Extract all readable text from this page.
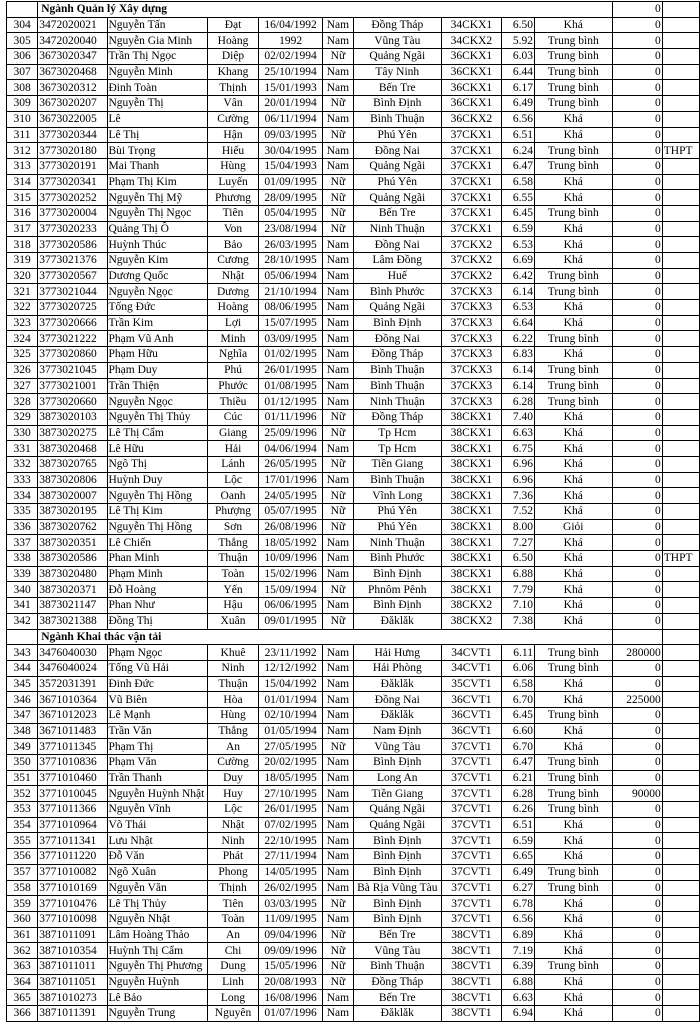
	Ngành Quản lý Xây dựng									0	
304	3472020021	Nguyễn Tấn	Đạt	16/04/1992	Nam	Đồng Tháp	34CKX1	6.50	Khá	0	
305	3472020040	Nguyễn Gia Minh	Hoàng	1992	Nam	Vũng Tàu	34CKX2	5.92	Trung bình	0	
306	3673020347	Trần Thị Ngọc	Diệp	02/02/1994	Nữ	Quảng Ngãi	36CKX1	6.03	Trung bình	0	
307	3673020468	Nguyễn Minh	Khang	25/10/1994	Nam	Tây Ninh	36CKX1	6.44	Trung bình	0	
308	3673020312	Đinh Toàn	Thịnh	15/01/1993	Nam	Bến Tre	36CKX1	6.17	Trung bình	0	
309	3673020207	Nguyễn Thị	Vân	20/01/1994	Nữ	Bình Định	36CKX1	6.49	Trung bình	0	
310	3673022005	Lê	Cường	06/11/1994	Nam	Bình Thuận	36CKX2	6.56	Khá	0	
311	3773020344	Lê Thị	Hận	09/03/1995	Nữ	Phú Yên	37CKX1	6.51	Khá	0	
312	3773020180	Bùi Trọng	Hiếu	30/04/1995	Nam	Đồng Nai	37CKX1	6.24	Trung bình	0	THPT
313	3773020191	Mai Thanh	Hùng	15/04/1993	Nam	Quảng Ngãi	37CKX1	6.47	Trung bình	0	
314	3773020341	Phạm Thị Kim	Luyến	01/09/1995	Nữ	Phú Yên	37CKX1	6.58	Khá	0	
315	3773020252	Nguyễn Thị Mỹ	Phương	28/09/1995	Nữ	Quảng Ngãi	37CKX1	6.55	Khá	0	
316	3773020004	Nguyễn Thị Ngọc	Tiên	05/04/1995	Nữ	Bến Tre	37CKX1	6.45	Trung bình	0	
317	3773020233	Quảng Thị Ồ	Von	23/08/1994	Nữ	Ninh Thuận	37CKX1	6.59	Khá	0	
318	3773020586	Huỳnh Thúc	Bảo	26/03/1995	Nam	Đồng Nai	37CKX2	6.53	Khá	0	
319	3773021376	Nguyễn Kim	Cương	28/10/1995	Nam	Lâm Đồng	37CKX2	6.69	Khá	0	
320	3773020567	Dương Quốc	Nhật	05/06/1994	Nam	Huế	37CKX2	6.42	Trung bình	0	
321	3773021044	Nguyễn Ngọc	Dương	21/10/1994	Nam	Bình Phước	37CKX3	6.14	Trung bình	0	
322	3773020725	Tống Đức	Hoàng	08/06/1995	Nam	Quảng Ngãi	37CKX3	6.53	Khá	0	
323	3773020666	Trần Kim	Lợi	15/07/1995	Nam	Bình Định	37CKX3	6.64	Khá	0	
324	3773021222	Phạm Vũ Anh	Minh	03/09/1995	Nam	Đồng Nai	37CKX3	6.22	Trung bình	0	
325	3773020860	Phạm Hữu	Nghĩa	01/02/1995	Nam	Đồng Tháp	37CKX3	6.83	Khá	0	
326	3773021045	Phạm Duy	Phú	26/01/1995	Nam	Bình Thuận	37CKX3	6.14	Trung bình	0	
327	3773021001	Trần Thiện	Phước	01/08/1995	Nam	Bình Thuận	37CKX3	6.14	Trung bình	0	
328	3773020660	Nguyễn Ngọc	Thiều	01/12/1995	Nam	Ninh Thuận	37CKX3	6.28	Trung bình	0	
329	3873020103	Nguyễn Thị Thủy	Cúc	01/11/1996	Nữ	Đồng Tháp	38CKX1	7.40	Khá	0	
330	3873020275	Lê Thị Cẩm	Giang	25/09/1996	Nữ	Tp Hcm	38CKX1	6.63	Khá	0	
331	3873020468	Lê Hữu	Hải	04/06/1994	Nam	Tp Hcm	38CKX1	6.75	Khá	0	
332	3873020765	Ngô Thị	Lánh	26/05/1995	Nữ	Tiền Giang	38CKX1	6.96	Khá	0	
333	3873020806	Huỳnh Duy	Lộc	17/01/1996	Nam	Bình Thuận	38CKX1	6.96	Khá	0	
334	3873020007	Nguyễn Thị Hồng	Oanh	24/05/1995	Nữ	Vĩnh Long	38CKX1	7.36	Khá	0	
335	3873020195	Lê Thị Kim	Phượng	05/07/1995	Nữ	Phú Yên	38CKX1	7.52	Khá	0	
336	3873020762	Nguyễn Thị Hồng	Sơn	26/08/1996	Nữ	Phú Yên	38CKX1	8.00	Giỏi	0	
337	3873020351	Lê Chiến	Thắng	18/05/1992	Nam	Ninh Thuận	38CKX1	7.27	Khá	0	
338	3873020586	Phan Minh	Thuận	10/09/1996	Nam	Bình Phước	38CKX1	6.50	Khá	0	THPT
339	3873020480	Phạm Minh	Toàn	15/02/1996	Nam	Bình Định	38CKX1	6.88	Khá	0	
340	3873020371	Đỗ Hoàng	Yến	15/09/1994	Nữ	Phnôm Pênh	38CKX1	7.79	Khá	0	
341	3873021147	Phan Như	Hậu	06/06/1995	Nam	Bình Định	38CKX2	7.10	Khá	0	
342	3873021388	Đồng Thị	Xuân	09/01/1995	Nữ	Đăklăk	38CKX2	7.38	Khá	0	
	Ngành Khai thác vận tải										
343	3476040030	Phạm Ngọc	Khuê	23/11/1992	Nam	Hải Hưng	34CVT1	6.11	Trung bình	280000	
344	3476040024	Tống Vũ Hải	Ninh	12/12/1992	Nam	Hải Phòng	34CVT1	6.06	Trung bình	0	
345	3572031391	Đinh Đức	Thuận	15/04/1992	Nam	Đăklăk	35CVT1	6.58	Khá	0	
346	3671010364	Vũ Biên	Hòa	01/01/1994	Nam	Đồng Nai	36CVT1	6.70	Khá	225000	
347	3671012023	Lê Mạnh	Hùng	02/10/1994	Nam	Đăklăk	36CVT1	6.45	Trung bình	0	
348	3671011483	Trần Văn	Thắng	01/05/1994	Nam	Nam Định	36CVT1	6.60	Khá	0	
349	3771011345	Phạm Thị	An	27/05/1995	Nữ	Vũng Tàu	37CVT1	6.70	Khá	0	
350	3771010836	Phạm Văn	Cường	20/02/1995	Nam	Bình Định	37CVT1	6.47	Trung bình	0	
351	3771010460	Trần Thanh	Duy	18/05/1995	Nam	Long An	37CVT1	6.21	Trung bình	0	
352	3771010045	Nguyễn Huỳnh Nhật	Huy	27/10/1995	Nam	Tiền Giang	37CVT1	6.28	Trung bình	90000	
353	3771011366	Nguyễn Vĩnh	Lộc	26/01/1995	Nam	Quảng Ngãi	37CVT1	6.26	Trung bình	0	
354	3771010964	Võ Thái	Nhật	07/02/1995	Nam	Quảng Ngãi	37CVT1	6.51	Khá	0	
355	3771011341	Lưu Nhật	Ninh	22/10/1995	Nam	Bình Định	37CVT1	6.59	Khá	0	
356	3771011220	Đỗ Văn	Phát	27/11/1994	Nam	Bình Định	37CVT1	6.65	Khá	0	
357	3771010082	Ngô Xuân	Phong	14/05/1995	Nam	Bình Định	37CVT1	6.49	Trung bình	0	
358	3771010169	Nguyễn Văn	Thịnh	26/02/1995	Nam	Bà Rịa Vũng Tàu	37CVT1	6.27	Trung bình	0	
359	3771010476	Lê Thị Thủy	Tiên	03/03/1995	Nữ	Bình Định	37CVT1	6.78	Khá	0	
360	3771010098	Nguyễn Nhật	Toàn	11/09/1995	Nam	Bình Định	37CVT1	6.56	Khá	0	
361	3871011091	Lâm Hoàng Thảo	An	09/04/1996	Nữ	Bến Tre	38CVT1	6.89	Khá	0	
362	3871010354	Huỳnh Thị Cẩm	Chi	09/09/1996	Nữ	Vũng Tàu	38CVT1	7.19	Khá	0	
363	3871011011	Nguyễn Thị Phương	Dung	15/05/1996	Nữ	Bình Thuận	38CVT1	6.39	Trung bình	0	
364	3871011051	Nguyễn Huỳnh	Linh	20/08/1993	Nữ	Đồng Tháp	38CVT1	6.88	Khá	0	
365	3871010273	Lê Bảo	Long	16/08/1996	Nam	Bến Tre	38CVT1	6.63	Khá	0	
366	3871011391	Nguyễn Trung	Nguyên	01/07/1996	Nam	Đăklăk	38CVT1	6.94	Khá	0	
